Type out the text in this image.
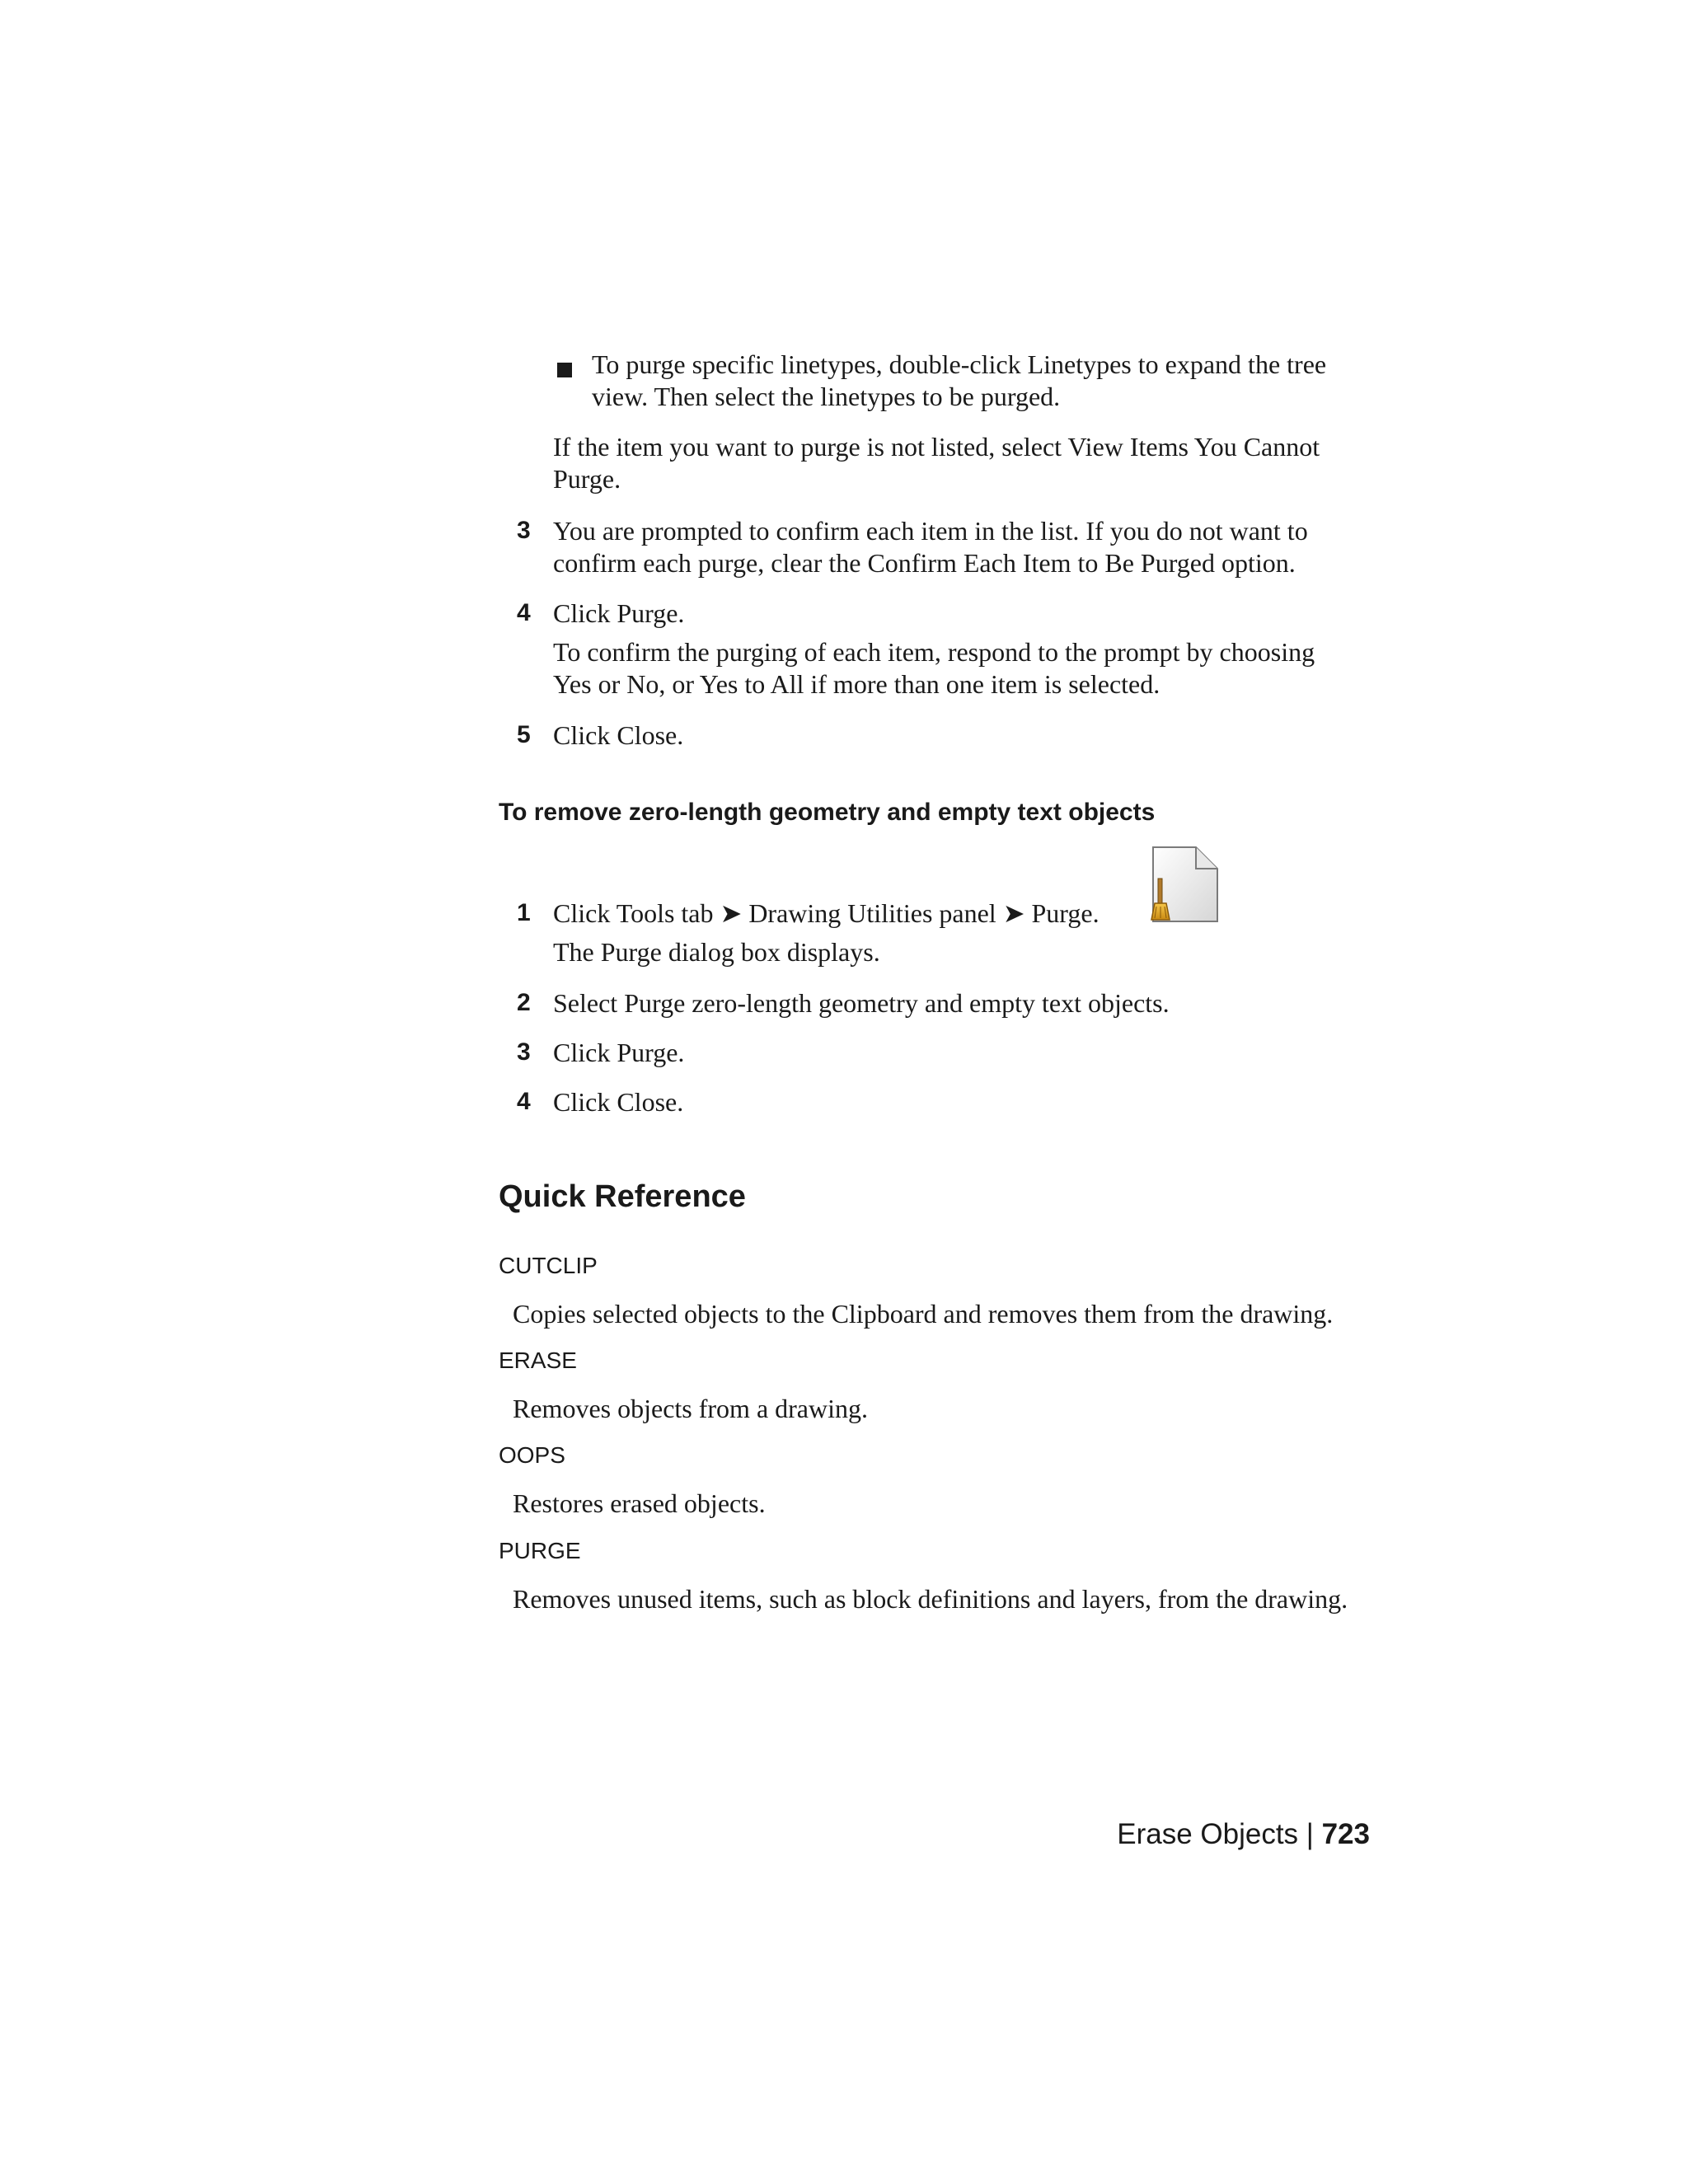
To purge specific linetypes, double-click Linetypes to expand the tree
view. Then select the linetypes to be purged.
If the item you want to purge is not listed, select View Items You Cannot
Purge.
3 You are prompted to confirm each item in the list. If you do not want to
confirm each purge, clear the Confirm Each Item to Be Purged option.
4 Click Purge.
To confirm the purging of each item, respond to the prompt by choosing
Yes or No, or Yes to All if more than one item is selected.
5 Click Close.
To remove zero-length geometry and empty text objects
1 Click Tools tab ➤ Drawing Utilities panel ➤ Purge.
The Purge dialog box displays.
2 Select Purge zero-length geometry and empty text objects.
3 Click Purge.
4 Click Close.
Quick Reference
CUTCLIP
Copies selected objects to the Clipboard and removes them from the drawing.
ERASE
Removes objects from a drawing.
OOPS
Restores erased objects.
PURGE
Removes unused items, such as block definitions and layers, from the drawing.
Erase Objects | 723
